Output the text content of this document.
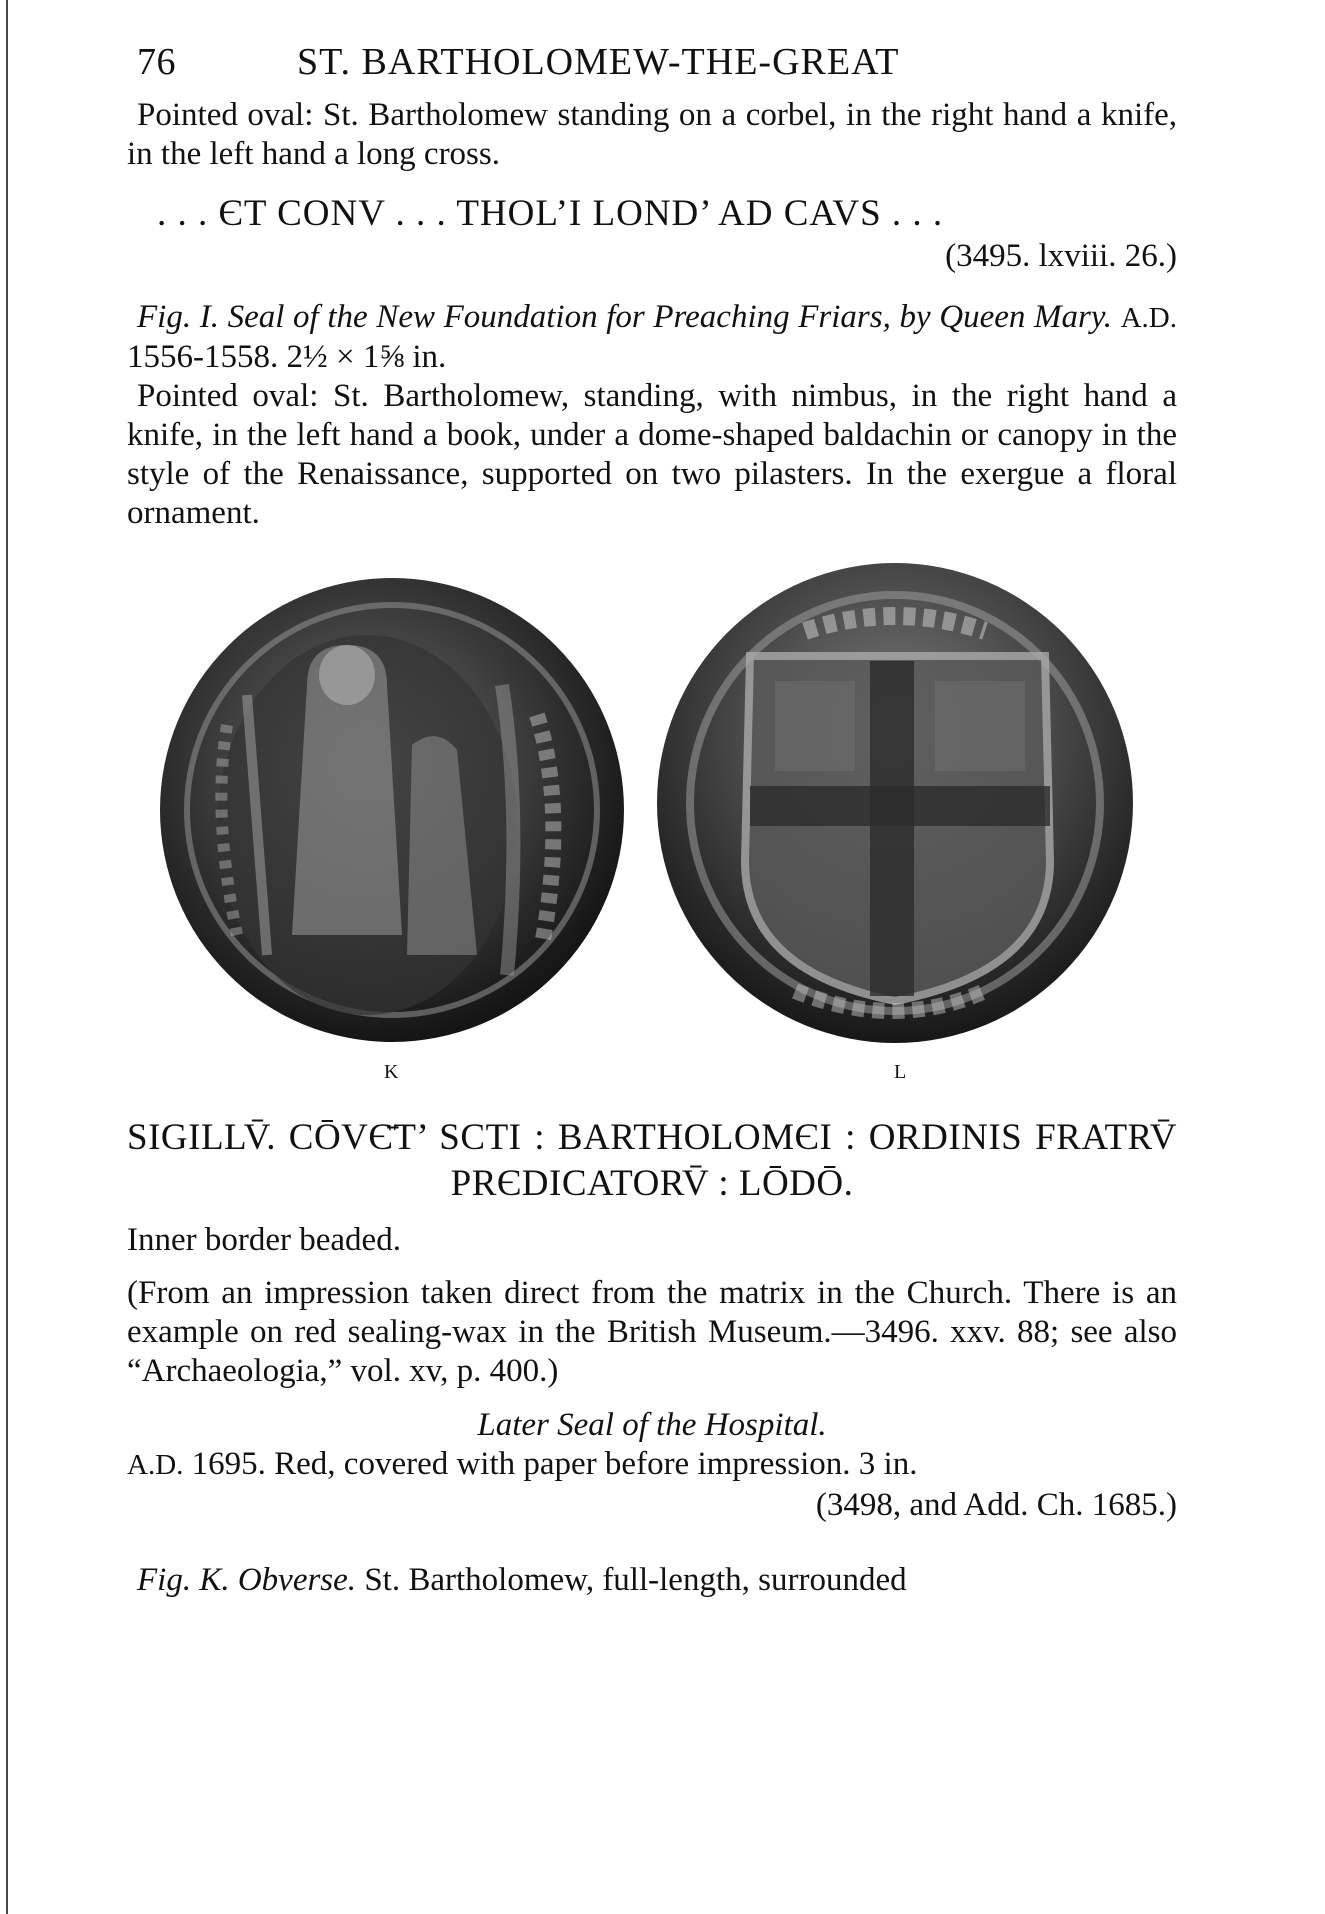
76	ST. BARTHOLOMEW-THE-GREAT

Pointed oval: St. Bartholomew standing on a corbel, in the right hand a knife, in the left hand a long cross.

. . . ЄT CONV . . . THOL’I LOND’ AD CAVS . . .
(3495. lxviii. 26.)

Fig. I. Seal of the New Foundation for Preaching Friars, by Queen Mary. A.D. 1556-1558. 2½ × 1⅝ in.

Pointed oval: St. Bartholomew, standing, with nimbus, in the right hand a knife, in the left hand a book, under a dome-shaped baldachin or canopy in the style of the Renaissance, supported on two pilasters. In the exergue a floral ornament.

K	L
SIGILLV̄. CŌVЄ̄T’ SCTI : BARTHOLOMЄI : ORDINIS FRATRV̄ PRЄDICATORV̄ : LŌDŌ.

Inner border beaded.

(From an impression taken direct from the matrix in the Church. There is an example on red sealing-wax in the British Museum.—3496. xxv. 88; see also “Archaeologia,” vol. xv, p. 400.)

Later Seal of the Hospital.

A.D. 1695. Red, covered with paper before impression. 3 in.

(3498, and Add. Ch. 1685.)

Fig. K. Obverse. St. Bartholomew, full-length, surrounded
